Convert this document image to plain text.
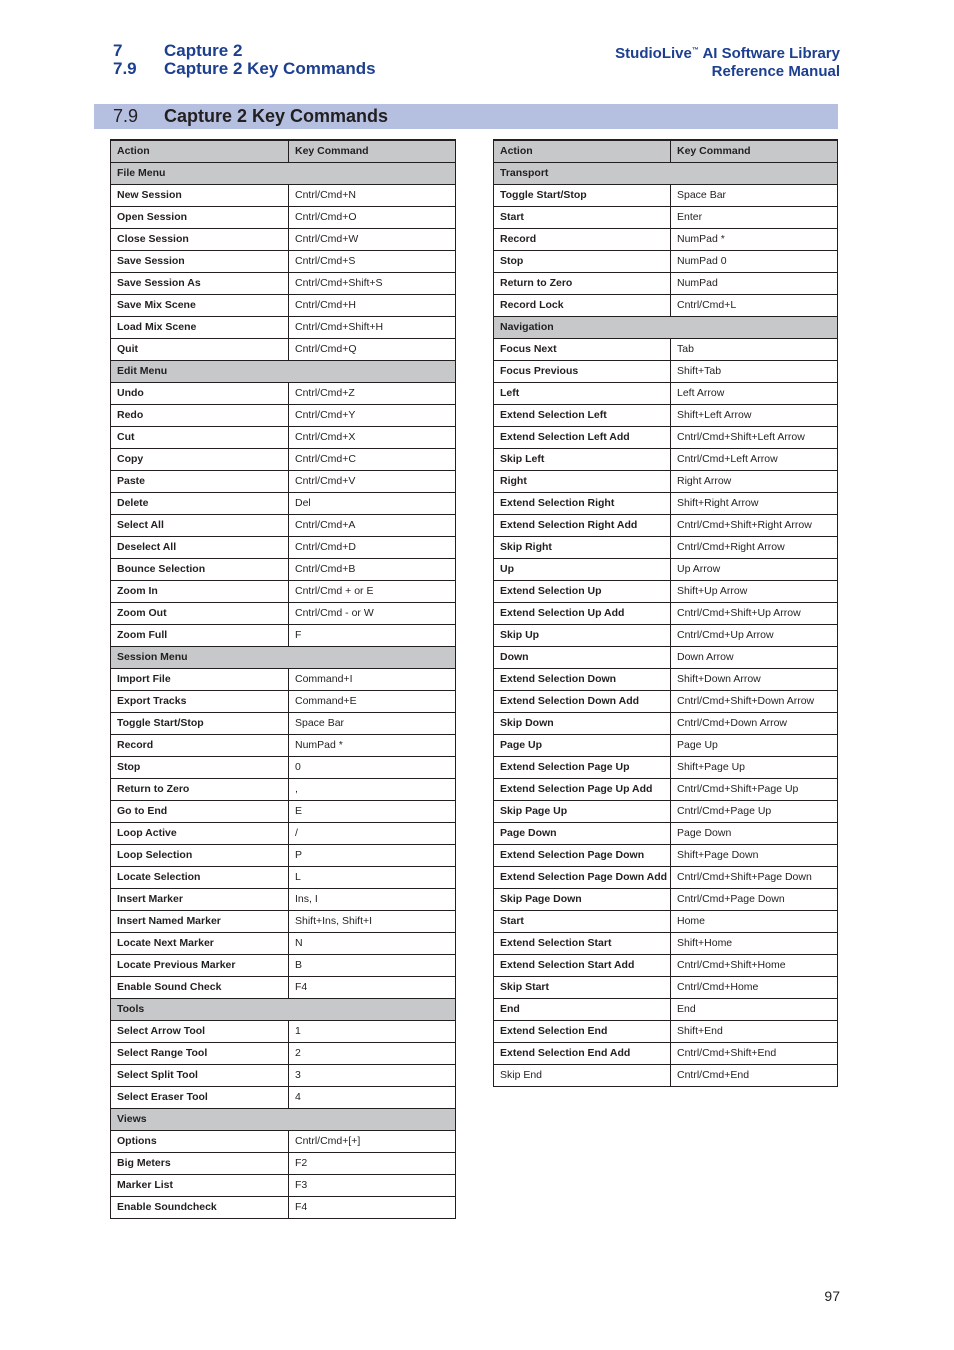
7	Capture 2
7.9	Capture 2 Key Commands
StudioLive™ AI Software Library
Reference Manual
7.9	Capture 2 Key Commands
Action	Key Command
File Menu	
New Session	Cntrl/Cmd+N
Open Session	Cntrl/Cmd+O
Close Session	Cntrl/Cmd+W
Save Session	Cntrl/Cmd+S
Save Session As	Cntrl/Cmd+Shift+S
Save Mix Scene	Cntrl/Cmd+H
Load Mix Scene	Cntrl/Cmd+Shift+H
Quit	Cntrl/Cmd+Q
Edit Menu	
Undo	Cntrl/Cmd+Z
Redo	Cntrl/Cmd+Y
Cut	Cntrl/Cmd+X
Copy	Cntrl/Cmd+C
Paste	Cntrl/Cmd+V
Delete	Del
Select All	Cntrl/Cmd+A
Deselect All	Cntrl/Cmd+D
Bounce Selection	Cntrl/Cmd+B
Zoom In	Cntrl/Cmd + or E
Zoom Out	Cntrl/Cmd - or W
Zoom Full	F
Session Menu	
Import File	Command+I
Export Tracks	Command+E
Toggle Start/Stop	Space Bar
Record	NumPad *
Stop	0
Return to Zero	,
Go to End	E
Loop Active	/
Loop Selection	P
Locate Selection	L
Insert Marker	Ins, I
Insert Named Marker	Shift+Ins, Shift+I
Locate Next Marker	N
Locate Previous Marker	B
Enable Sound Check	F4
Tools	
Select Arrow Tool	1
Select Range Tool	2
Select Split Tool	3
Select Eraser Tool	4
Views	
Options	Cntrl/Cmd+[+]
Big Meters	F2
Marker List	F3
Enable Soundcheck	F4
Action	Key Command
Transport	
Toggle Start/Stop	Space Bar
Start	Enter
Record	NumPad *
Stop	NumPad 0
Return to Zero	NumPad
Record Lock	Cntrl/Cmd+L
Navigation	
Focus Next	Tab
Focus Previous	Shift+Tab
Left	Left Arrow
Extend Selection Left	Shift+Left Arrow
Extend Selection Left Add	Cntrl/Cmd+Shift+Left Arrow
Skip Left	Cntrl/Cmd+Left Arrow
Right	Right Arrow
Extend Selection Right	Shift+Right Arrow
Extend Selection Right Add	Cntrl/Cmd+Shift+Right Arrow
Skip Right	Cntrl/Cmd+Right Arrow
Up	Up Arrow
Extend Selection Up	Shift+Up Arrow
Extend Selection Up Add	Cntrl/Cmd+Shift+Up Arrow
Skip Up	Cntrl/Cmd+Up Arrow
Down	Down Arrow
Extend Selection Down	Shift+Down Arrow
Extend Selection Down Add	Cntrl/Cmd+Shift+Down Arrow
Skip Down	Cntrl/Cmd+Down Arrow
Page Up	Page Up
Extend Selection Page Up	Shift+Page Up
Extend Selection Page Up Add	Cntrl/Cmd+Shift+Page Up
Skip Page Up	Cntrl/Cmd+Page Up
Page Down	Page Down
Extend Selection Page Down	Shift+Page Down
Extend Selection Page Down Add	Cntrl/Cmd+Shift+Page Down
Skip Page Down	Cntrl/Cmd+Page Down
Start	Home
Extend Selection Start	Shift+Home
Extend Selection Start Add	Cntrl/Cmd+Shift+Home
Skip Start	Cntrl/Cmd+Home
End	End
Extend Selection End	Shift+End
Extend Selection End Add	Cntrl/Cmd+Shift+End
Skip End	Cntrl/Cmd+End
97
